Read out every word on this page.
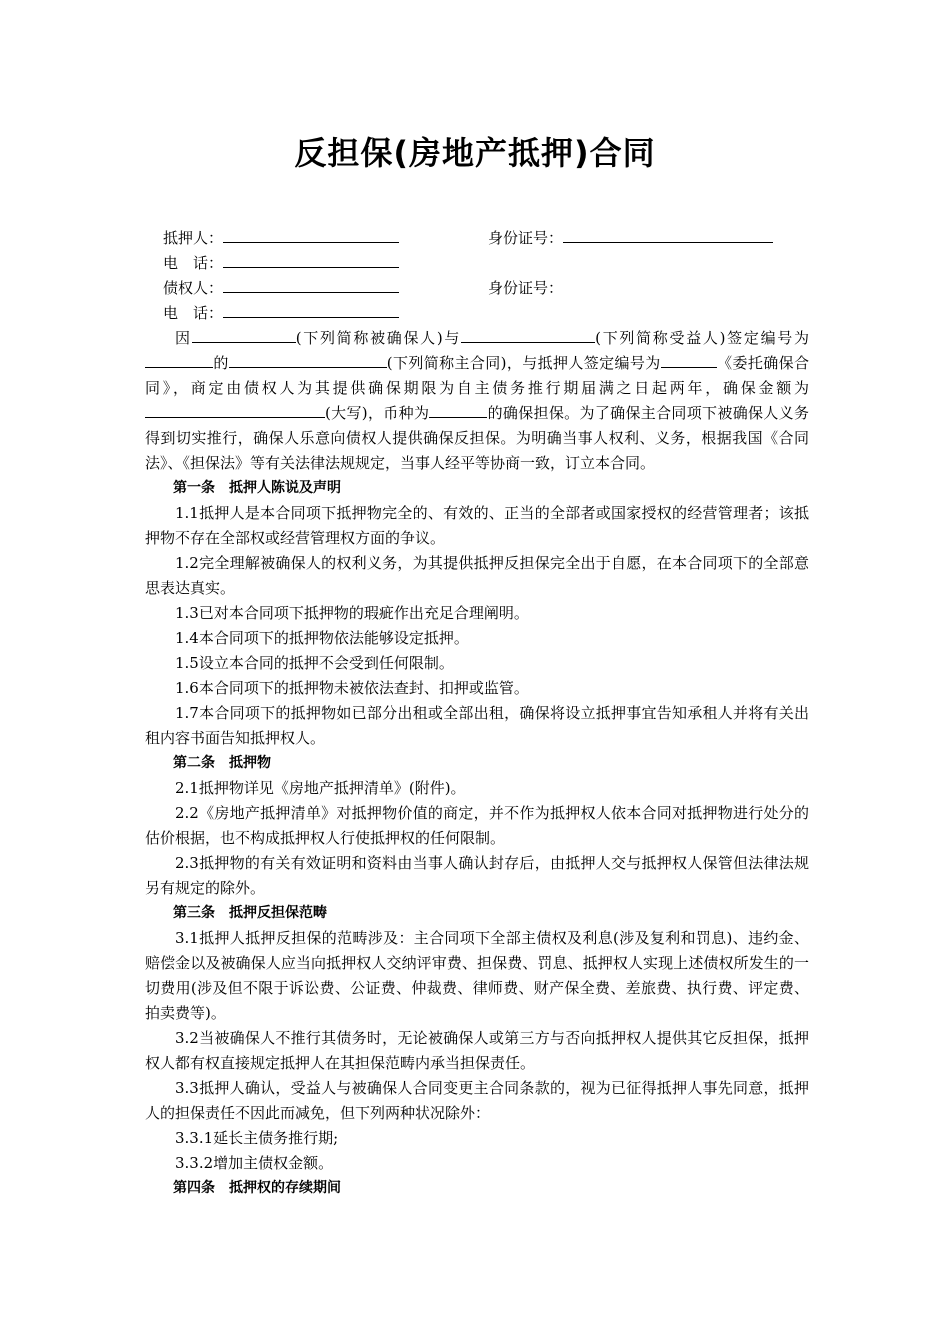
反担保(房地产抵押)合同
抵押人：	身份证号：
电　话：
债权人：	身份证号：
电　话：

因	(下列简称被确保人)与	(下列简称受益人)签定编号为的	(下列简称主合同)，与抵押人签定编号为	《委托确保合同》，商定由债权人为其提供确保期限为自主债务推行期届满之日起两年，确保金额为(大写)，币种为	的确保担保。为了确保主合同项下被确保人义务得到切实推行，确保人乐意向债权人提供确保反担保。为明确当事人权利、义务，根据我国《合同法》、《担保法》等有关法律法规规定，当事人经平等协商一致，订立本合同。

第一条　抵押人陈说及声明

1.1抵押人是本合同项下抵押物完全的、有效的、正当的全部者或国家授权的经营管理者；该抵押物不存在全部权或经营管理权方面的争议。

1.2完全理解被确保人的权利义务，为其提供抵押反担保完全出于自愿，在本合同项下的全部意思表达真实。

1.3已对本合同项下抵押物的瑕疵作出充足合理阐明。

1.4本合同项下的抵押物依法能够设定抵押。

1.5设立本合同的抵押不会受到任何限制。

1.6本合同项下的抵押物未被依法查封、扣押或监管。

1.7本合同项下的抵押物如已部分出租或全部出租，确保将设立抵押事宜告知承租人并将有关出租内容书面告知抵押权人。

第二条　抵押物

2.1抵押物详见《房地产抵押清单》(附件)。

2.2《房地产抵押清单》对抵押物价值的商定，并不作为抵押权人依本合同对抵押物进行处分的估价根据，也不构成抵押权人行使抵押权的任何限制。

2.3抵押物的有关有效证明和资料由当事人确认封存后，由抵押人交与抵押权人保管但法律法规另有规定的除外。

第三条　抵押反担保范畴

3.1抵押人抵押反担保的范畴涉及：主合同项下全部主债权及利息(涉及复利和罚息)、违约金、赔偿金以及被确保人应当向抵押权人交纳评审费、担保费、罚息、抵押权人实现上述债权所发生的一切费用(涉及但不限于诉讼费、公证费、仲裁费、律师费、财产保全费、差旅费、执行费、评定费、拍卖费等)。

3.2当被确保人不推行其债务时，无论被确保人或第三方与否向抵押权人提供其它反担保，抵押权人都有权直接规定抵押人在其担保范畴内承当担保责任。

3.3抵押人确认，受益人与被确保人合同变更主合同条款的，视为已征得抵押人事先同意，抵押人的担保责任不因此而减免，但下列两种状况除外：

3.3.1延长主债务推行期;

3.3.2增加主债权金额。

第四条　抵押权的存续期间
